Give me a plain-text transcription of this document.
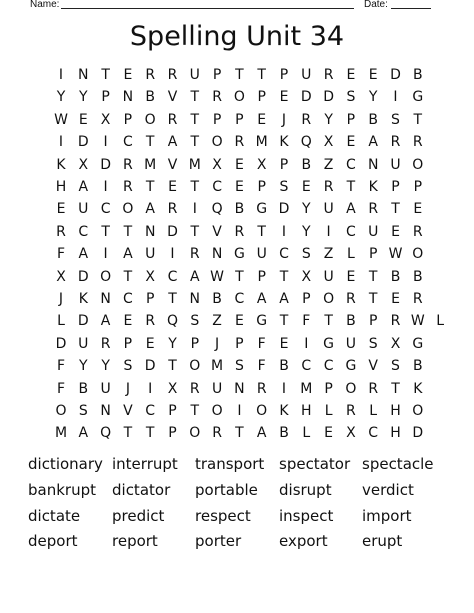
Name:	Date:
Spelling Unit 34
I	N T E R R U P T T P U R E E D B
Y Y P N B V T R O P E D D S Y	I	G
W E X P O R T P P E	J	R Y P B S T
I	D	I	C T A T O R M K Q X E A R R
K X D R M V M X E X P B Z C N U O
H A	I	R T E T C E P S E R T K P P
E U C O A R	I	Q B G D Y U A R T E
R C T T N D T V R T	I	Y	I	C U E R
F A	I	A U	I	R N G U C S Z L	P W O
X D O T X C A W T P T X U E T B B
J	K N C P T N B C A A P O R T E R
L D A E R Q S Z E G T F T B P R W L
D U R P E Y P	J	P	F E	I	G U S X G
F Y Y S D T O M S F B C C G V S B
F B U	J	I	X R U N R	I	M P O R T K
O S N V C P T O	I	O K H L R L H O
M A Q T T P O R T A B L E X C H D
dictionary interrupt transport spectator spectacle
bankrupt dictator portable disrupt verdict
dictate predict respect inspect import
deport report porter	export erupt
